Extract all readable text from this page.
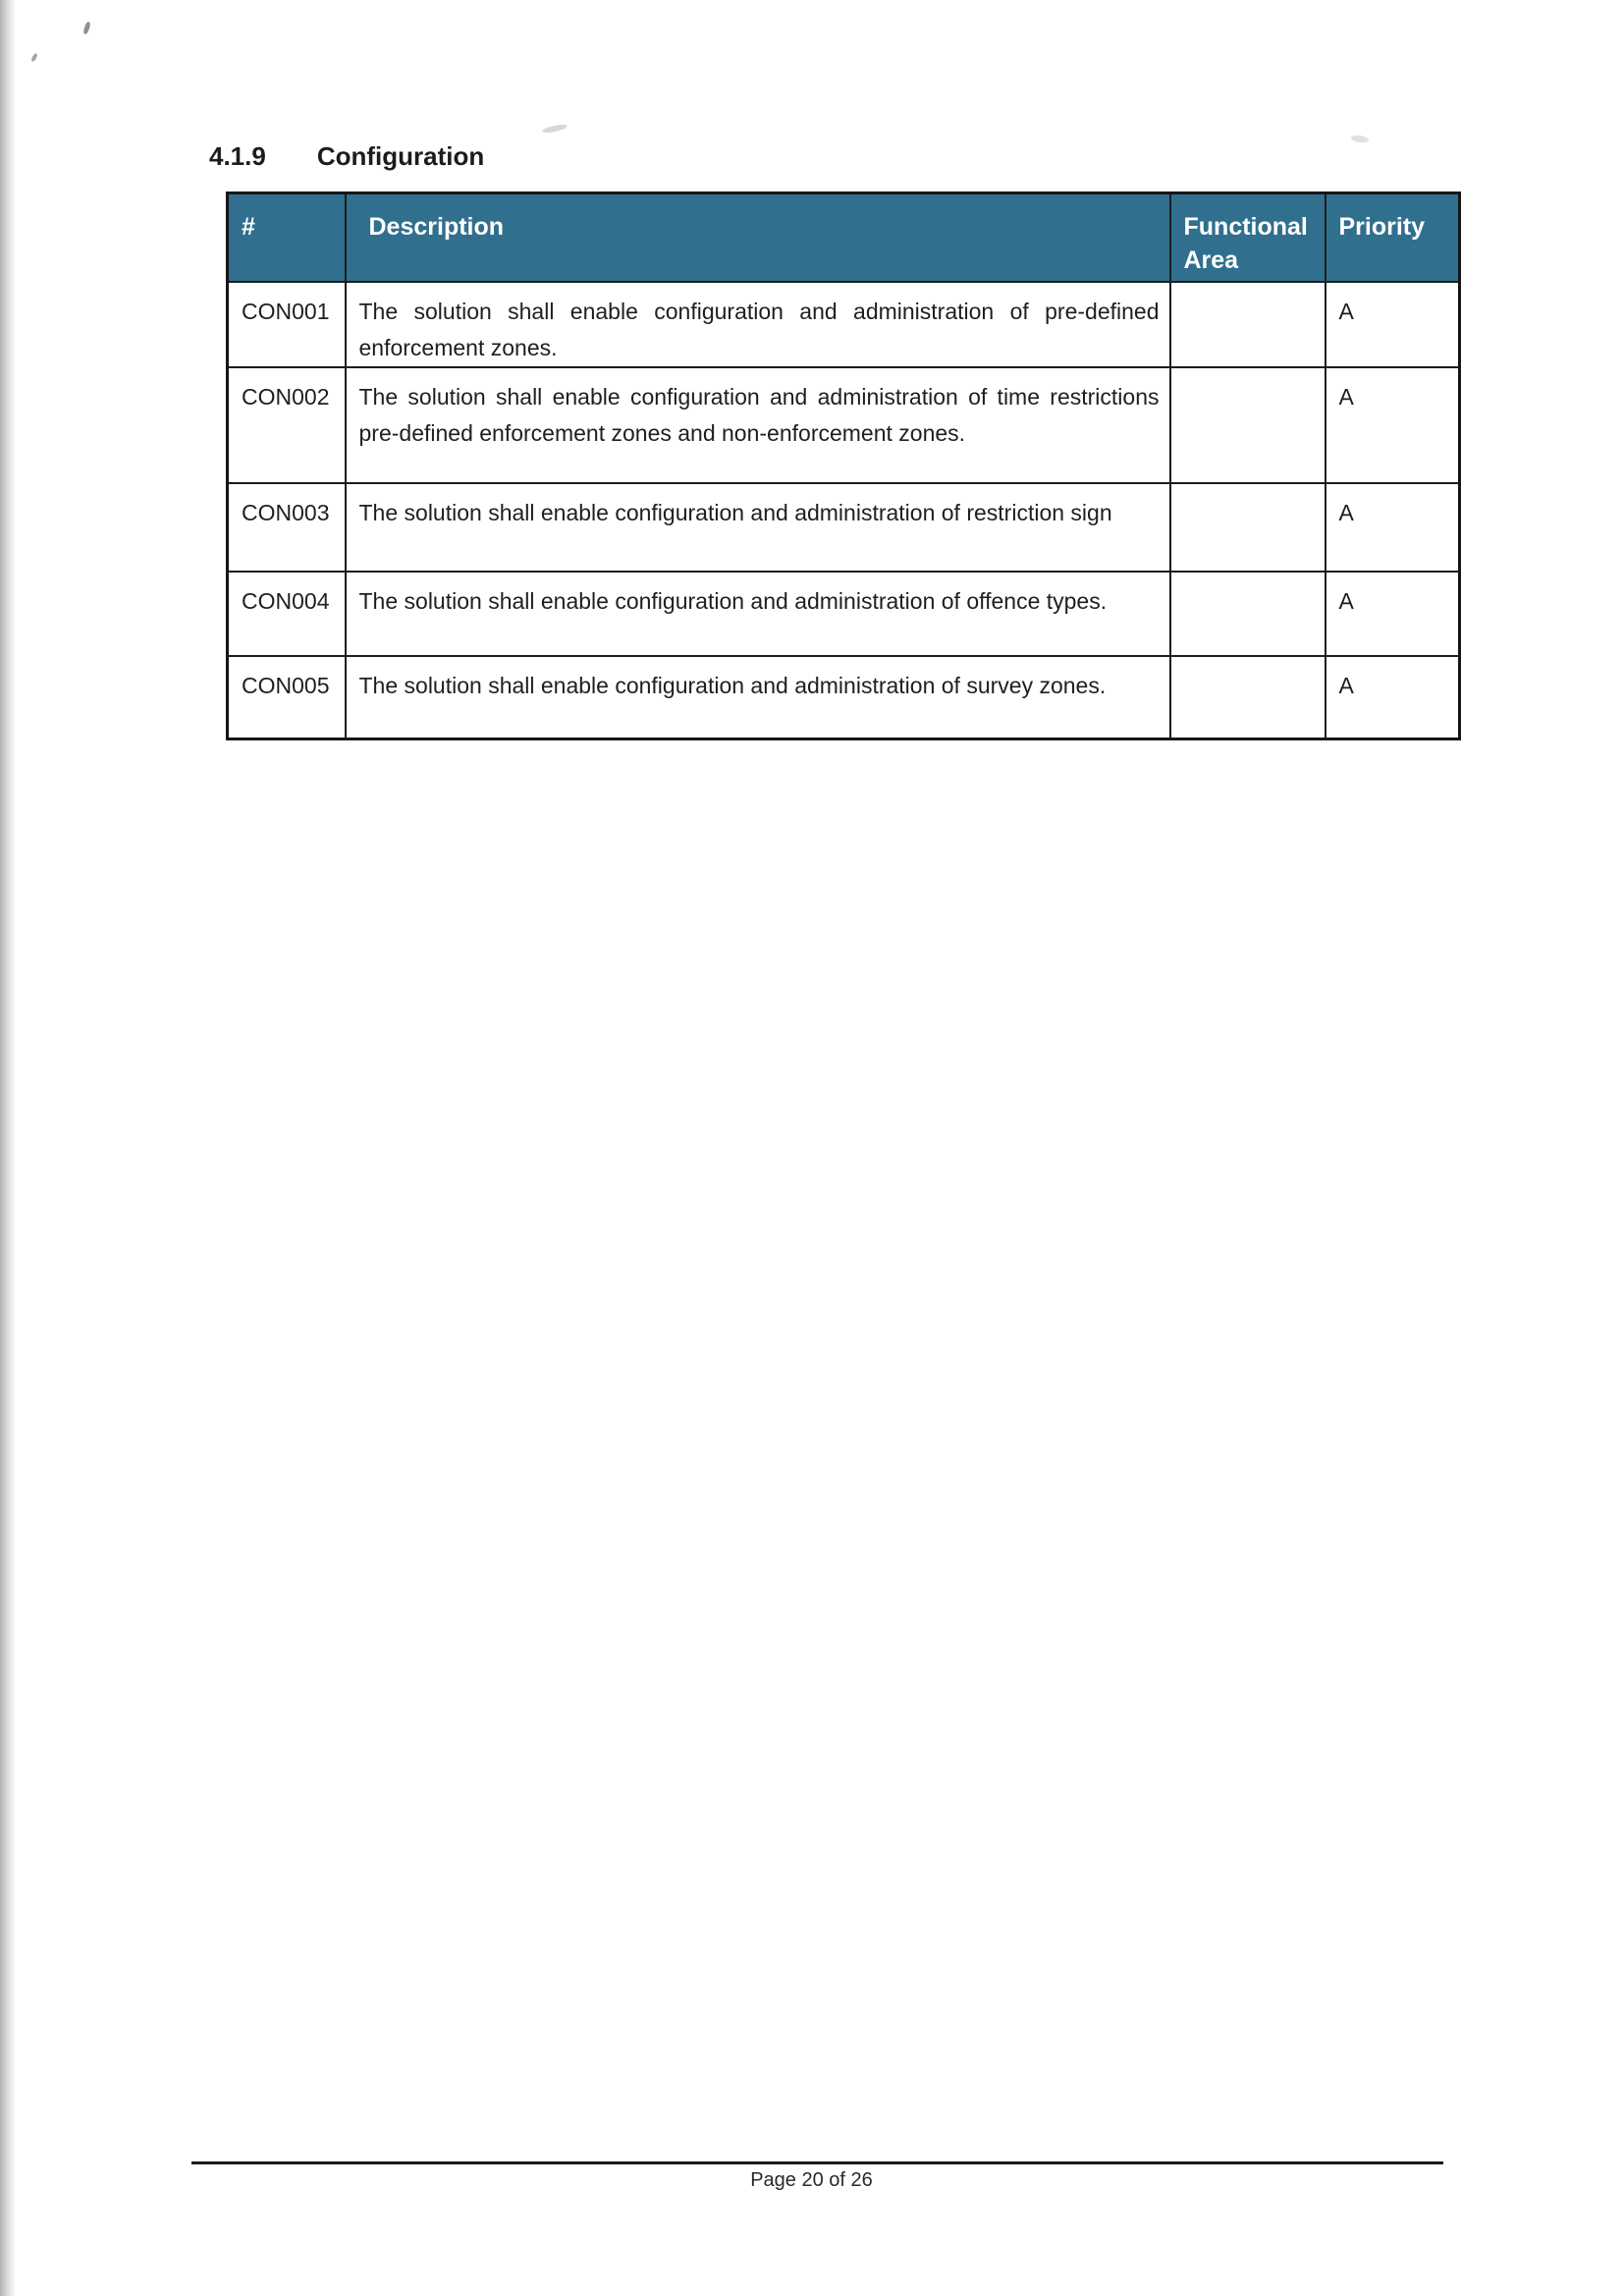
4.1.9 Configuration
#	Description	Functional Area	Priority
CON001	The solution shall enable configuration and administration of pre-defined enforcement zones.		A
CON002	The solution shall enable configuration and administration of time restrictions pre-defined enforcement zones and non-enforcement zones.		A
CON003	The solution shall enable configuration and administration of restriction sign		A
CON004	The solution shall enable configuration and administration of offence types.		A
CON005	The solution shall enable configuration and administration of survey zones.		A
Page 20 of 26
